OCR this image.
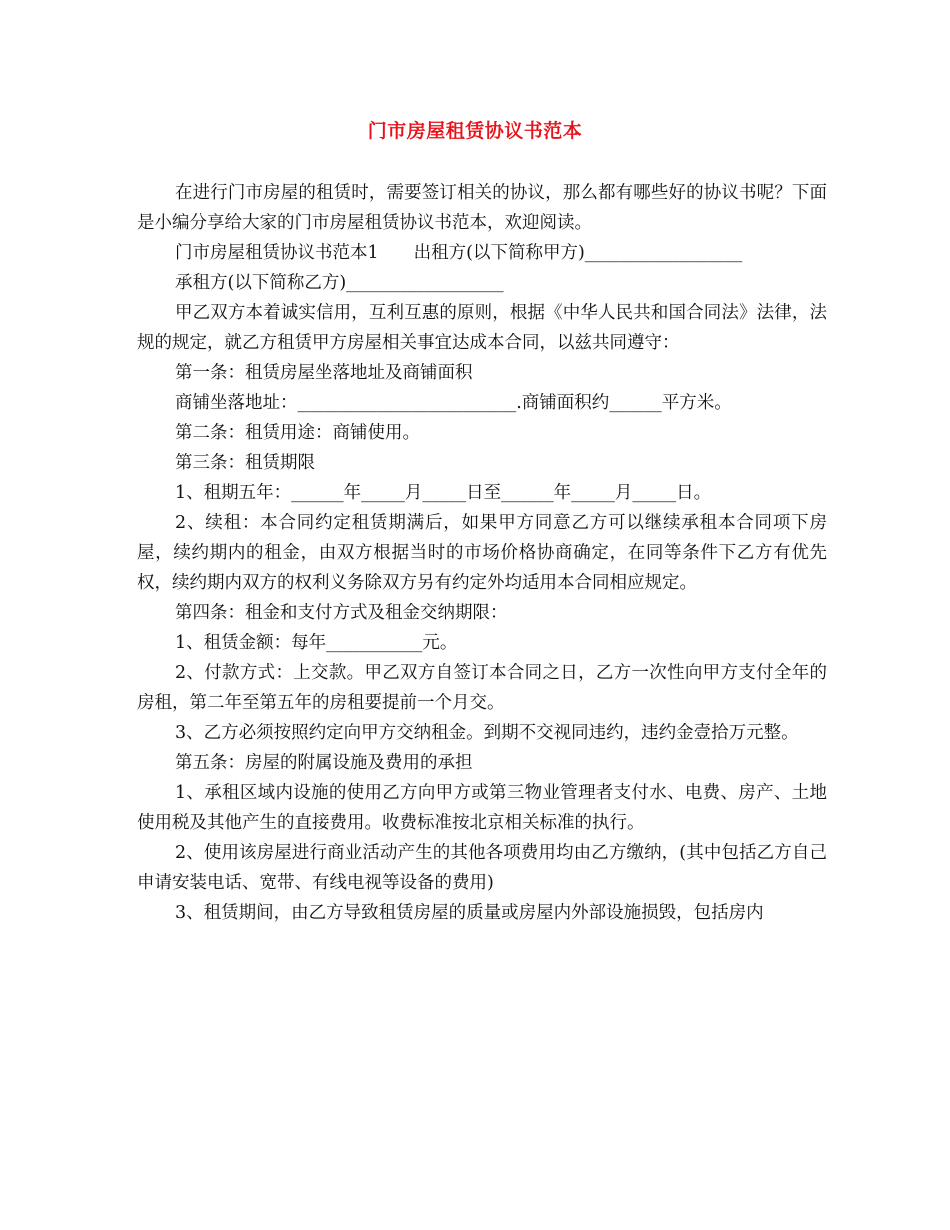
门市房屋租赁协议书范本

在进行门市房屋的租赁时，需要签订相关的协议，那么都有哪些好的协议书呢？下面是小编分享给大家的门市房屋租赁协议书范本，欢迎阅读。

门市房屋租赁协议书范本1　　出租方(以下简称甲方)__________________

承租方(以下简称乙方)__________________

甲乙双方本着诚实信用，互利互惠的原则，根据《中华人民共和国合同法》法律，法规的规定，就乙方租赁甲方房屋相关事宜达成本合同，以兹共同遵守：

第一条：租赁房屋坐落地址及商铺面积

商铺坐落地址：_________________________.商铺面积约______平方米。

第二条：租赁用途：商铺使用。

第三条：租赁期限

1、租期五年：______年_____月_____日至______年_____月_____日。

2、续租：本合同约定租赁期满后，如果甲方同意乙方可以继续承租本合同项下房屋，续约期内的租金，由双方根据当时的市场价格协商确定，在同等条件下乙方有优先权，续约期内双方的权利义务除双方另有约定外均适用本合同相应规定。

第四条：租金和支付方式及租金交纳期限：

1、租赁金额：每年___________元。

2、付款方式：上交款。甲乙双方自签订本合同之日，乙方一次性向甲方支付全年的房租，第二年至第五年的房租要提前一个月交。

3、乙方必须按照约定向甲方交纳租金。到期不交视同违约，违约金壹拾万元整。

第五条：房屋的附属设施及费用的承担

1、承租区域内设施的使用乙方向甲方或第三物业管理者支付水、电费、房产、土地使用税及其他产生的直接费用。收费标准按北京相关标准的执行。

2、使用该房屋进行商业活动产生的其他各项费用均由乙方缴纳，(其中包括乙方自己申请安装电话、宽带、有线电视等设备的费用)

3、租赁期间，由乙方导致租赁房屋的质量或房屋内外部设施损毁，包括房内
